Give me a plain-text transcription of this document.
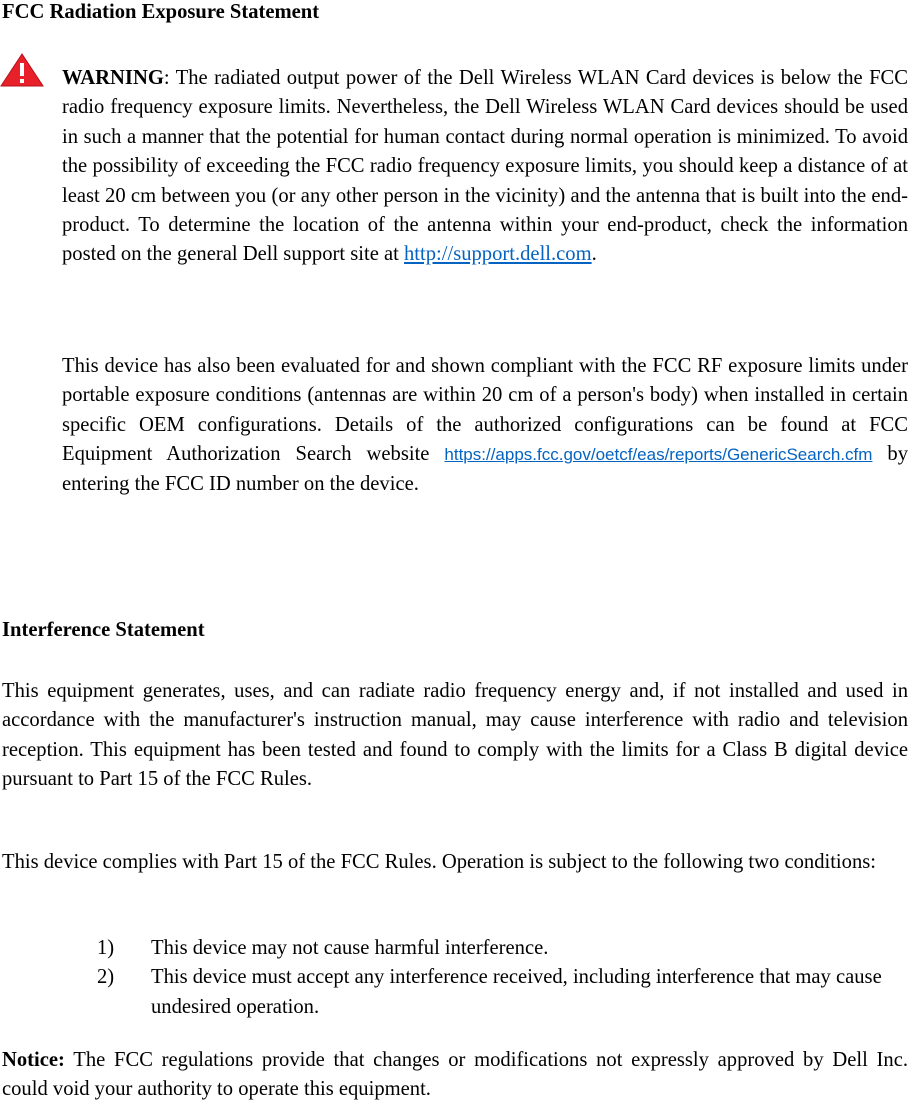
FCC Radiation Exposure Statement

WARNING: The radiated output power of the Dell Wireless WLAN Card devices is below the FCC radio frequency exposure limits. Nevertheless, the Dell Wireless WLAN Card devices should be used in such a manner that the potential for human contact during normal operation is minimized. To avoid the possibility of exceeding the FCC radio frequency exposure limits, you should keep a distance of at least 20 cm between you (or any other person in the vicinity) and the antenna that is built into the end-product. To determine the location of the antenna within your end-product, check the information posted on the general Dell support site at http://support.dell.com.

This device has also been evaluated for and shown compliant with the FCC RF exposure limits under portable exposure conditions (antennas are within 20 cm of a person's body) when installed in certain specific OEM configurations. Details of the authorized configurations can be found at FCC Equipment Authorization Search website https://apps.fcc.gov/oetcf/eas/reports/GenericSearch.cfm by entering the FCC ID number on the device.

Interference Statement

This equipment generates, uses, and can radiate radio frequency energy and, if not installed and used in accordance with the manufacturer's instruction manual, may cause interference with radio and television reception. This equipment has been tested and found to comply with the limits for a Class B digital device pursuant to Part 15 of the FCC Rules.

This device complies with Part 15 of the FCC Rules. Operation is subject to the following two conditions:

1) This device may not cause harmful interference.
2) This device must accept any interference received, including interference that may cause undesired operation.

Notice: The FCC regulations provide that changes or modifications not expressly approved by Dell Inc. could void your authority to operate this equipment.
